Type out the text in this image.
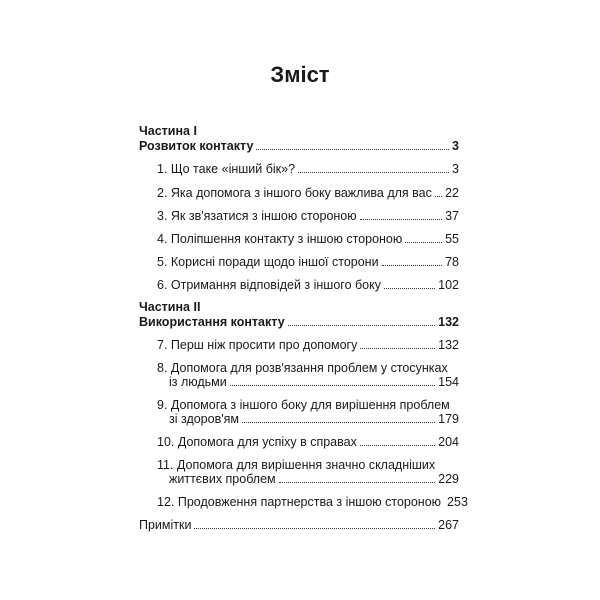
Зміст
Частина I
Розвиток контакту	3
1. Що таке «інший бік»?	3
2. Яка допомога з іншого боку важлива для вас 22
3. Як зв'язатися з іншою стороною	37
4. Поліпшення контакту з іншою стороною	55
5. Корисні поради щодо іншої сторони	78
6. Отримання відповідей з іншого боку	102
Частина II
Використання контакту	132
7. Перш ніж просити про допомогу	132
8. Допомога для розв'язання проблем у стосунках
із людьми	154
9. Допомога з іншого боку для вирішення проблем
зі здоров'ям	179
10. Допомога для успіху в справах	204
11. Допомога для вирішення значно складніших
життєвих проблем	229
12. Продовження партнерства з іншою стороною 253
Примітки	267
